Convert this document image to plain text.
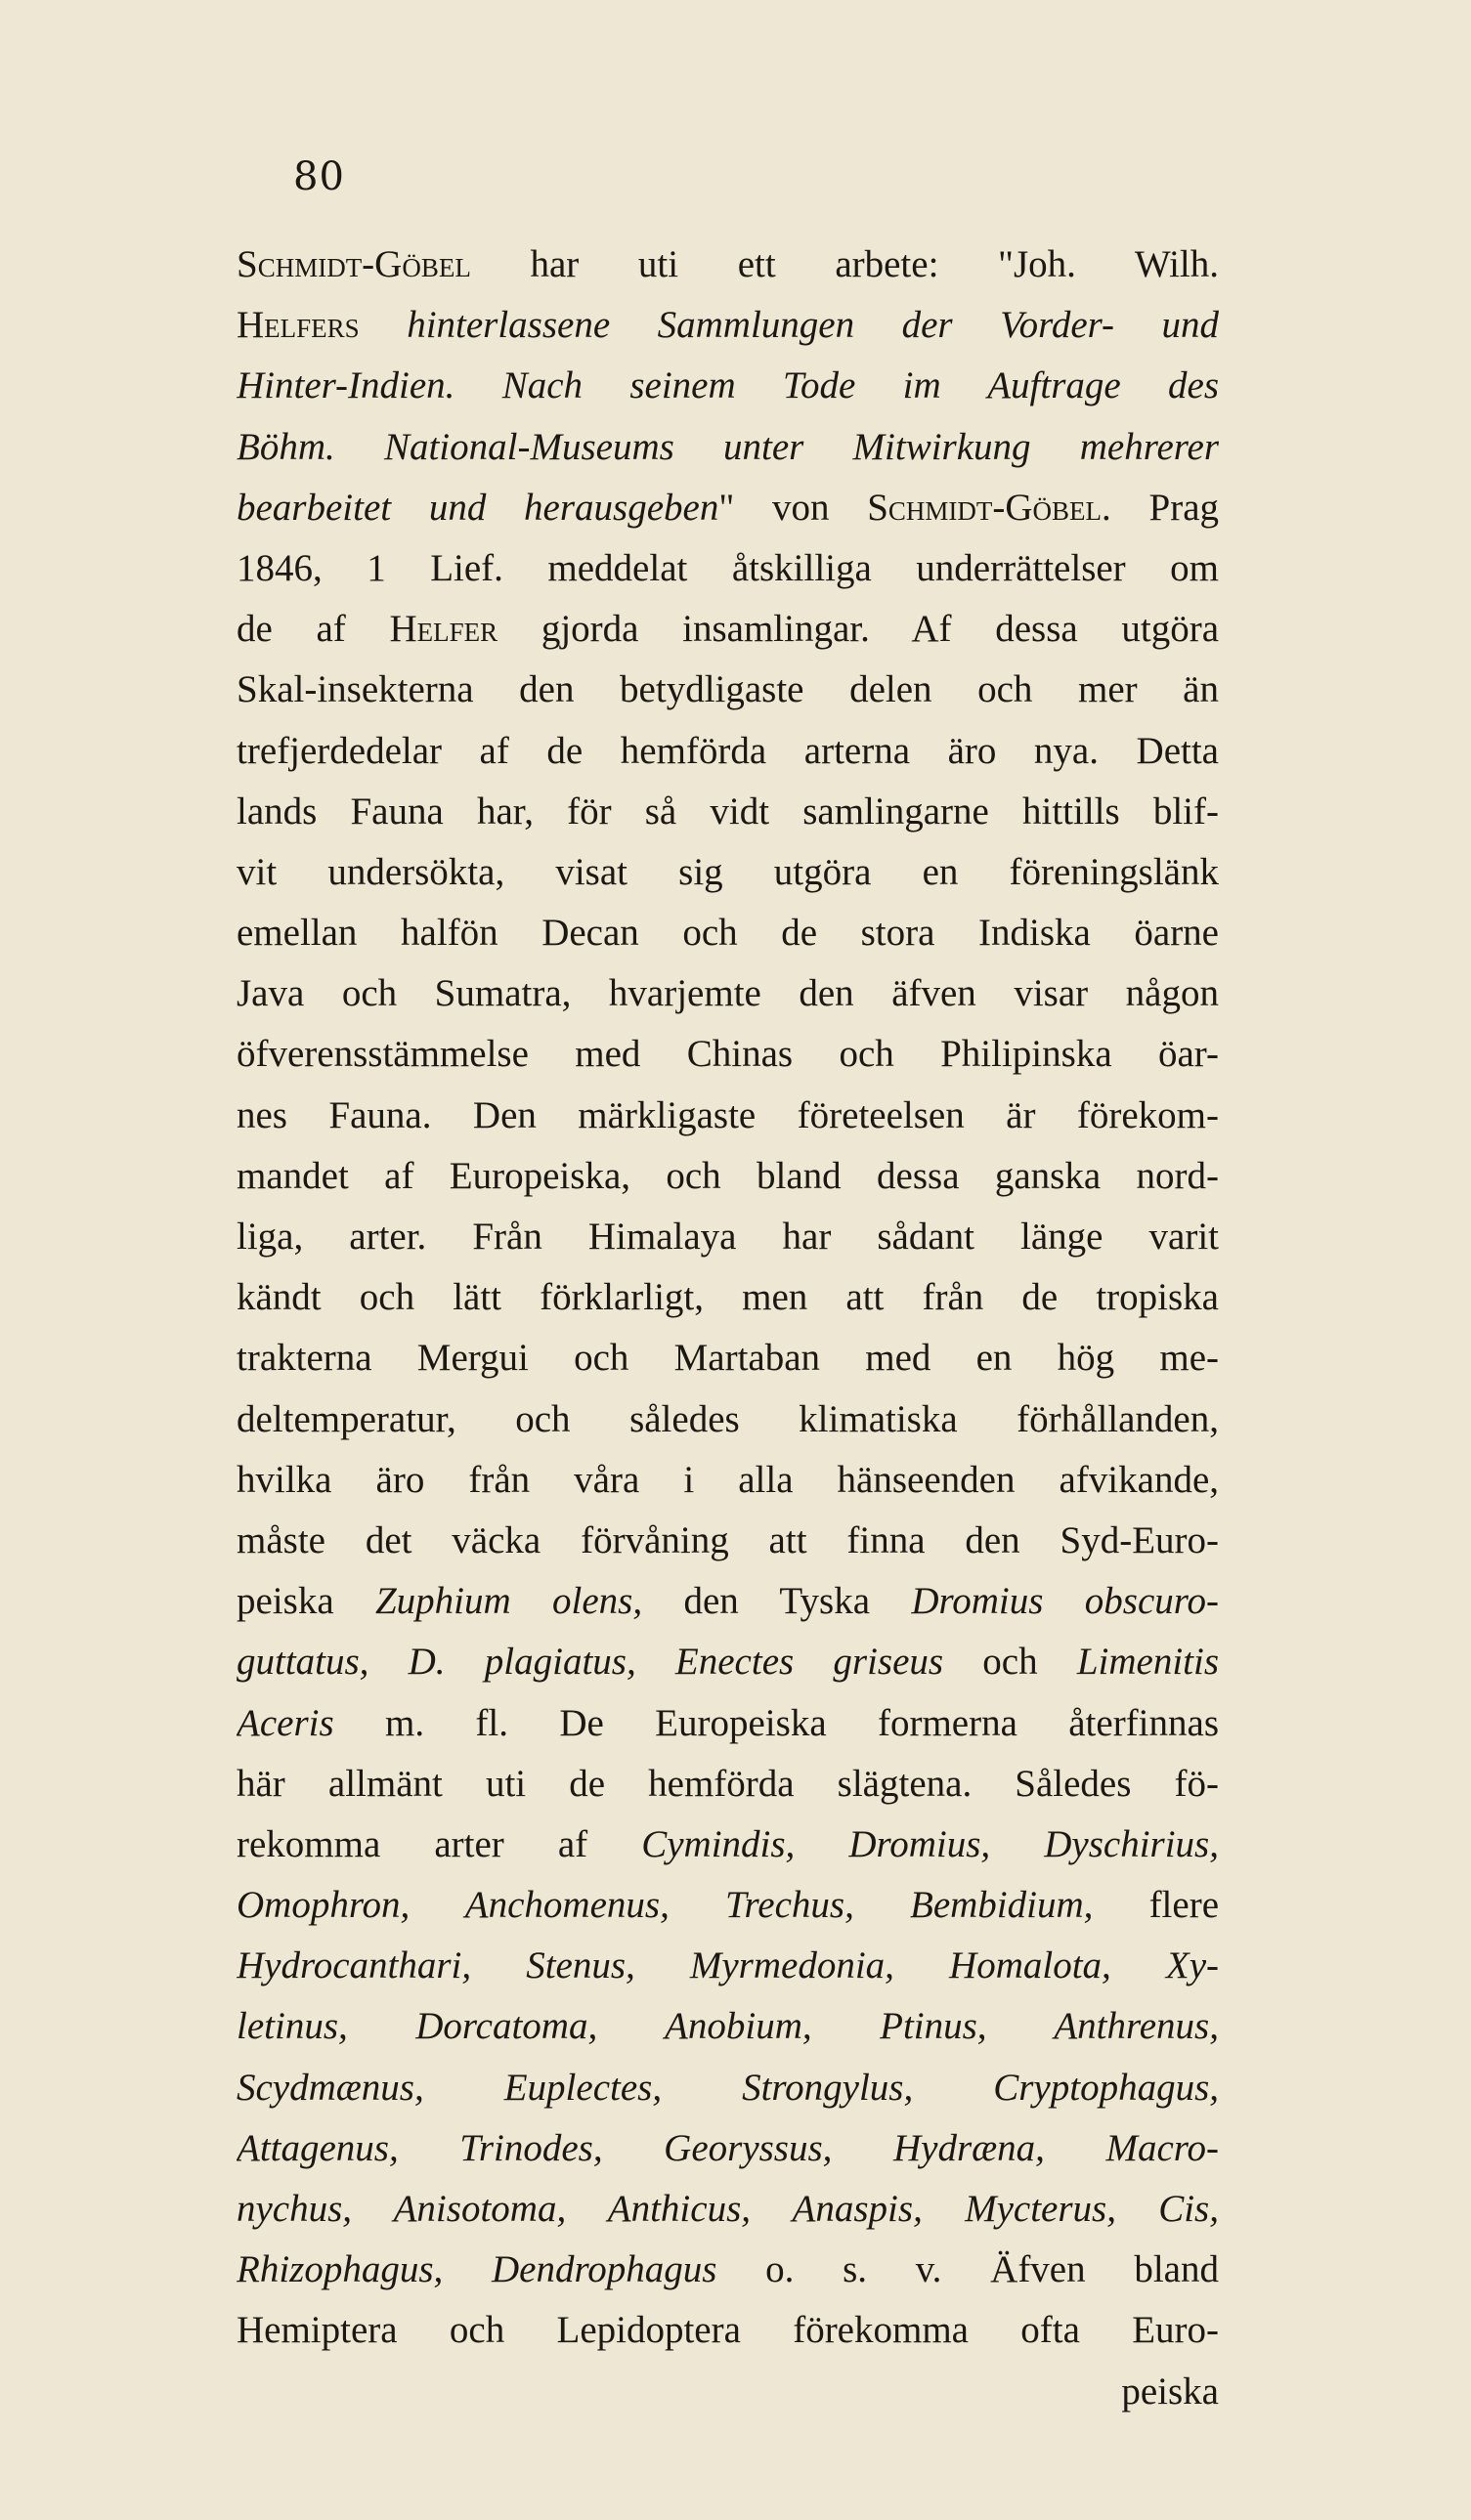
80
Schmidt-Göbel har uti ett arbete: "Joh. Wilh.
Helfers hinterlassene Sammlungen der Vorder- und
Hinter-Indien. Nach seinem Tode im Auftrage des
Böhm. National-Museums unter Mitwirkung mehrerer
bearbeitet und herausgeben" von Schmidt-Göbel. Prag
1846, 1 Lief. meddelat åtskilliga underrättelser om
de af Helfer gjorda insamlingar. Af dessa utgöra
Skal-insekterna den betydligaste delen och mer än
trefjerdedelar af de hemförda arterna äro nya. Detta
lands Fauna har, för så vidt samlingarne hittills blif-
vit undersökta, visat sig utgöra en föreningslänk
emellan halfön Decan och de stora Indiska öarne
Java och Sumatra, hvarjemte den äfven visar någon
öfverensstämmelse med Chinas och Philipinska öar-
nes Fauna. Den märkligaste företeelsen är förekom-
mandet af Europeiska, och bland dessa ganska nord-
liga, arter. Från Himalaya har sådant länge varit
kändt och lätt förklarligt, men att från de tropiska
trakterna Mergui och Martaban med en hög me-
deltemperatur, och således klimatiska förhållanden,
hvilka äro från våra i alla hänseenden afvikande,
måste det väcka förvåning att finna den Syd-Euro-
peiska Zuphium olens, den Tyska Dromius obscuro-
guttatus, D. plagiatus, Enectes griseus och Limenitis
Aceris m. fl. De Europeiska formerna återfinnas
här allmänt uti de hemförda slägtena. Således fö-
rekomma arter af Cymindis, Dromius, Dyschirius,
Omophron, Anchomenus, Trechus, Bembidium, flere
Hydrocanthari, Stenus, Myrmedonia, Homalota, Xy-
letinus, Dorcatoma, Anobium, Ptinus, Anthrenus,
Scydmænus, Euplectes, Strongylus, Cryptophagus,
Attagenus, Trinodes, Georyssus, Hydræna, Macro-
nychus, Anisotoma, Anthicus, Anaspis, Mycterus, Cis,
Rhizophagus, Dendrophagus o. s. v. Äfven bland
Hemiptera och Lepidoptera förekomma ofta Euro-
peiska
